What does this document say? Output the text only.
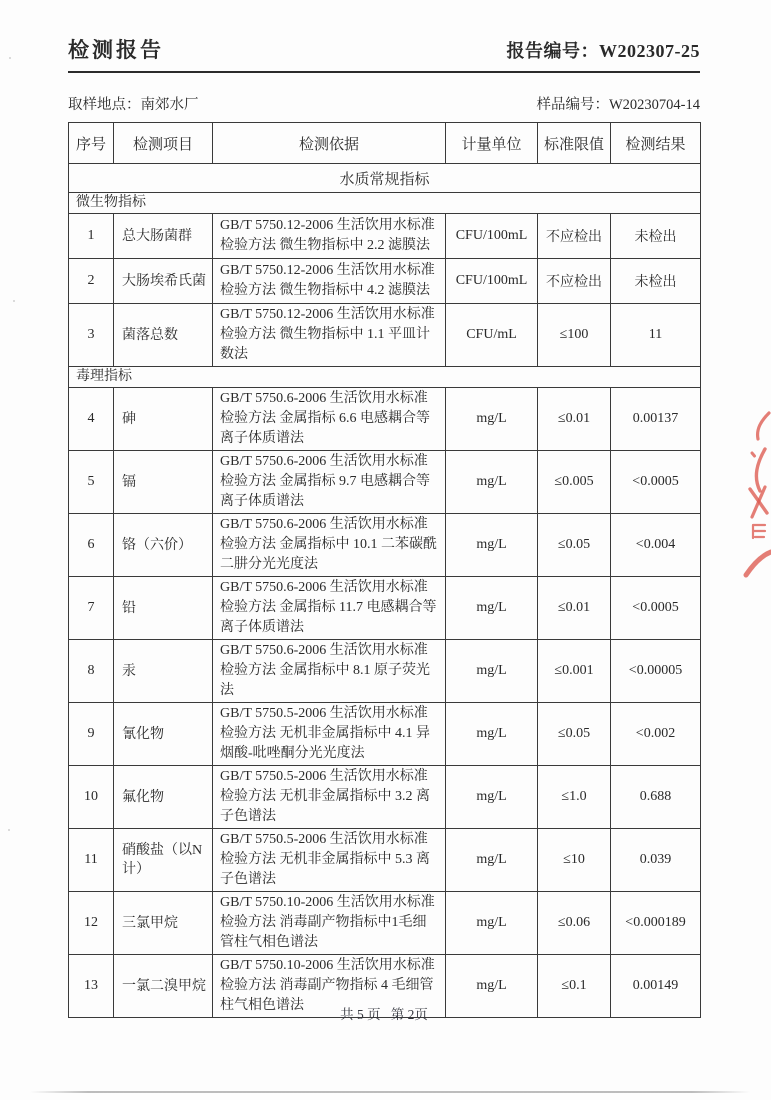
检测报告	报告编号：W202307-25
取样地点：南郊水厂	样品编号：W20230704-14
序号	检测项目	检测依据	计量单位	标准限值	检测结果
水质常规指标					
微生物指标					
1	总大肠菌群	GB/T 5750.12-2006 生活饮用水标准检验方法 微生物指标中 2.2 滤膜法	CFU/100mL	不应检出	未检出
2	大肠埃希氏菌	GB/T 5750.12-2006 生活饮用水标准检验方法 微生物指标中 4.2 滤膜法	CFU/100mL	不应检出	未检出
3	菌落总数	GB/T 5750.12-2006 生活饮用水标准检验方法 微生物指标中 1.1 平皿计数法	CFU/mL	≤100	11
毒理指标					
4	砷	GB/T 5750.6-2006 生活饮用水标准检验方法 金属指标 6.6 电感耦合等离子体质谱法	mg/L	≤0.01	0.00137
5	镉	GB/T 5750.6-2006 生活饮用水标准检验方法 金属指标 9.7 电感耦合等离子体质谱法	mg/L	≤0.005	<0.0005
6	铬（六价）	GB/T 5750.6-2006 生活饮用水标准检验方法 金属指标中 10.1 二苯碳酰二肼分光光度法	mg/L	≤0.05	<0.004
7	铅	GB/T 5750.6-2006 生活饮用水标准检验方法 金属指标 11.7 电感耦合等离子体质谱法	mg/L	≤0.01	<0.0005
8	汞	GB/T 5750.6-2006 生活饮用水标准检验方法 金属指标中 8.1 原子荧光法	mg/L	≤0.001	<0.00005
9	氰化物	GB/T 5750.5-2006 生活饮用水标准检验方法 无机非金属指标中 4.1 异烟酸-吡唑酮分光光度法	mg/L	≤0.05	<0.002
10	氟化物	GB/T 5750.5-2006 生活饮用水标准检验方法 无机非金属指标中 3.2 离子色谱法	mg/L	≤1.0	0.688
11	硝酸盐（以N计）	GB/T 5750.5-2006 生活饮用水标准检验方法 无机非金属指标中 5.3 离子色谱法	mg/L	≤10	0.039
12	三氯甲烷	GB/T 5750.10-2006 生活饮用水标准检验方法 消毒副产物指标中1毛细管柱气相色谱法	mg/L	≤0.06	<0.000189
13	一氯二溴甲烷	GB/T 5750.10-2006 生活饮用水标准检验方法 消毒副产物指标 4 毛细管柱气相色谱法	mg/L	≤0.1	0.00149
共 5 页   第 2页
